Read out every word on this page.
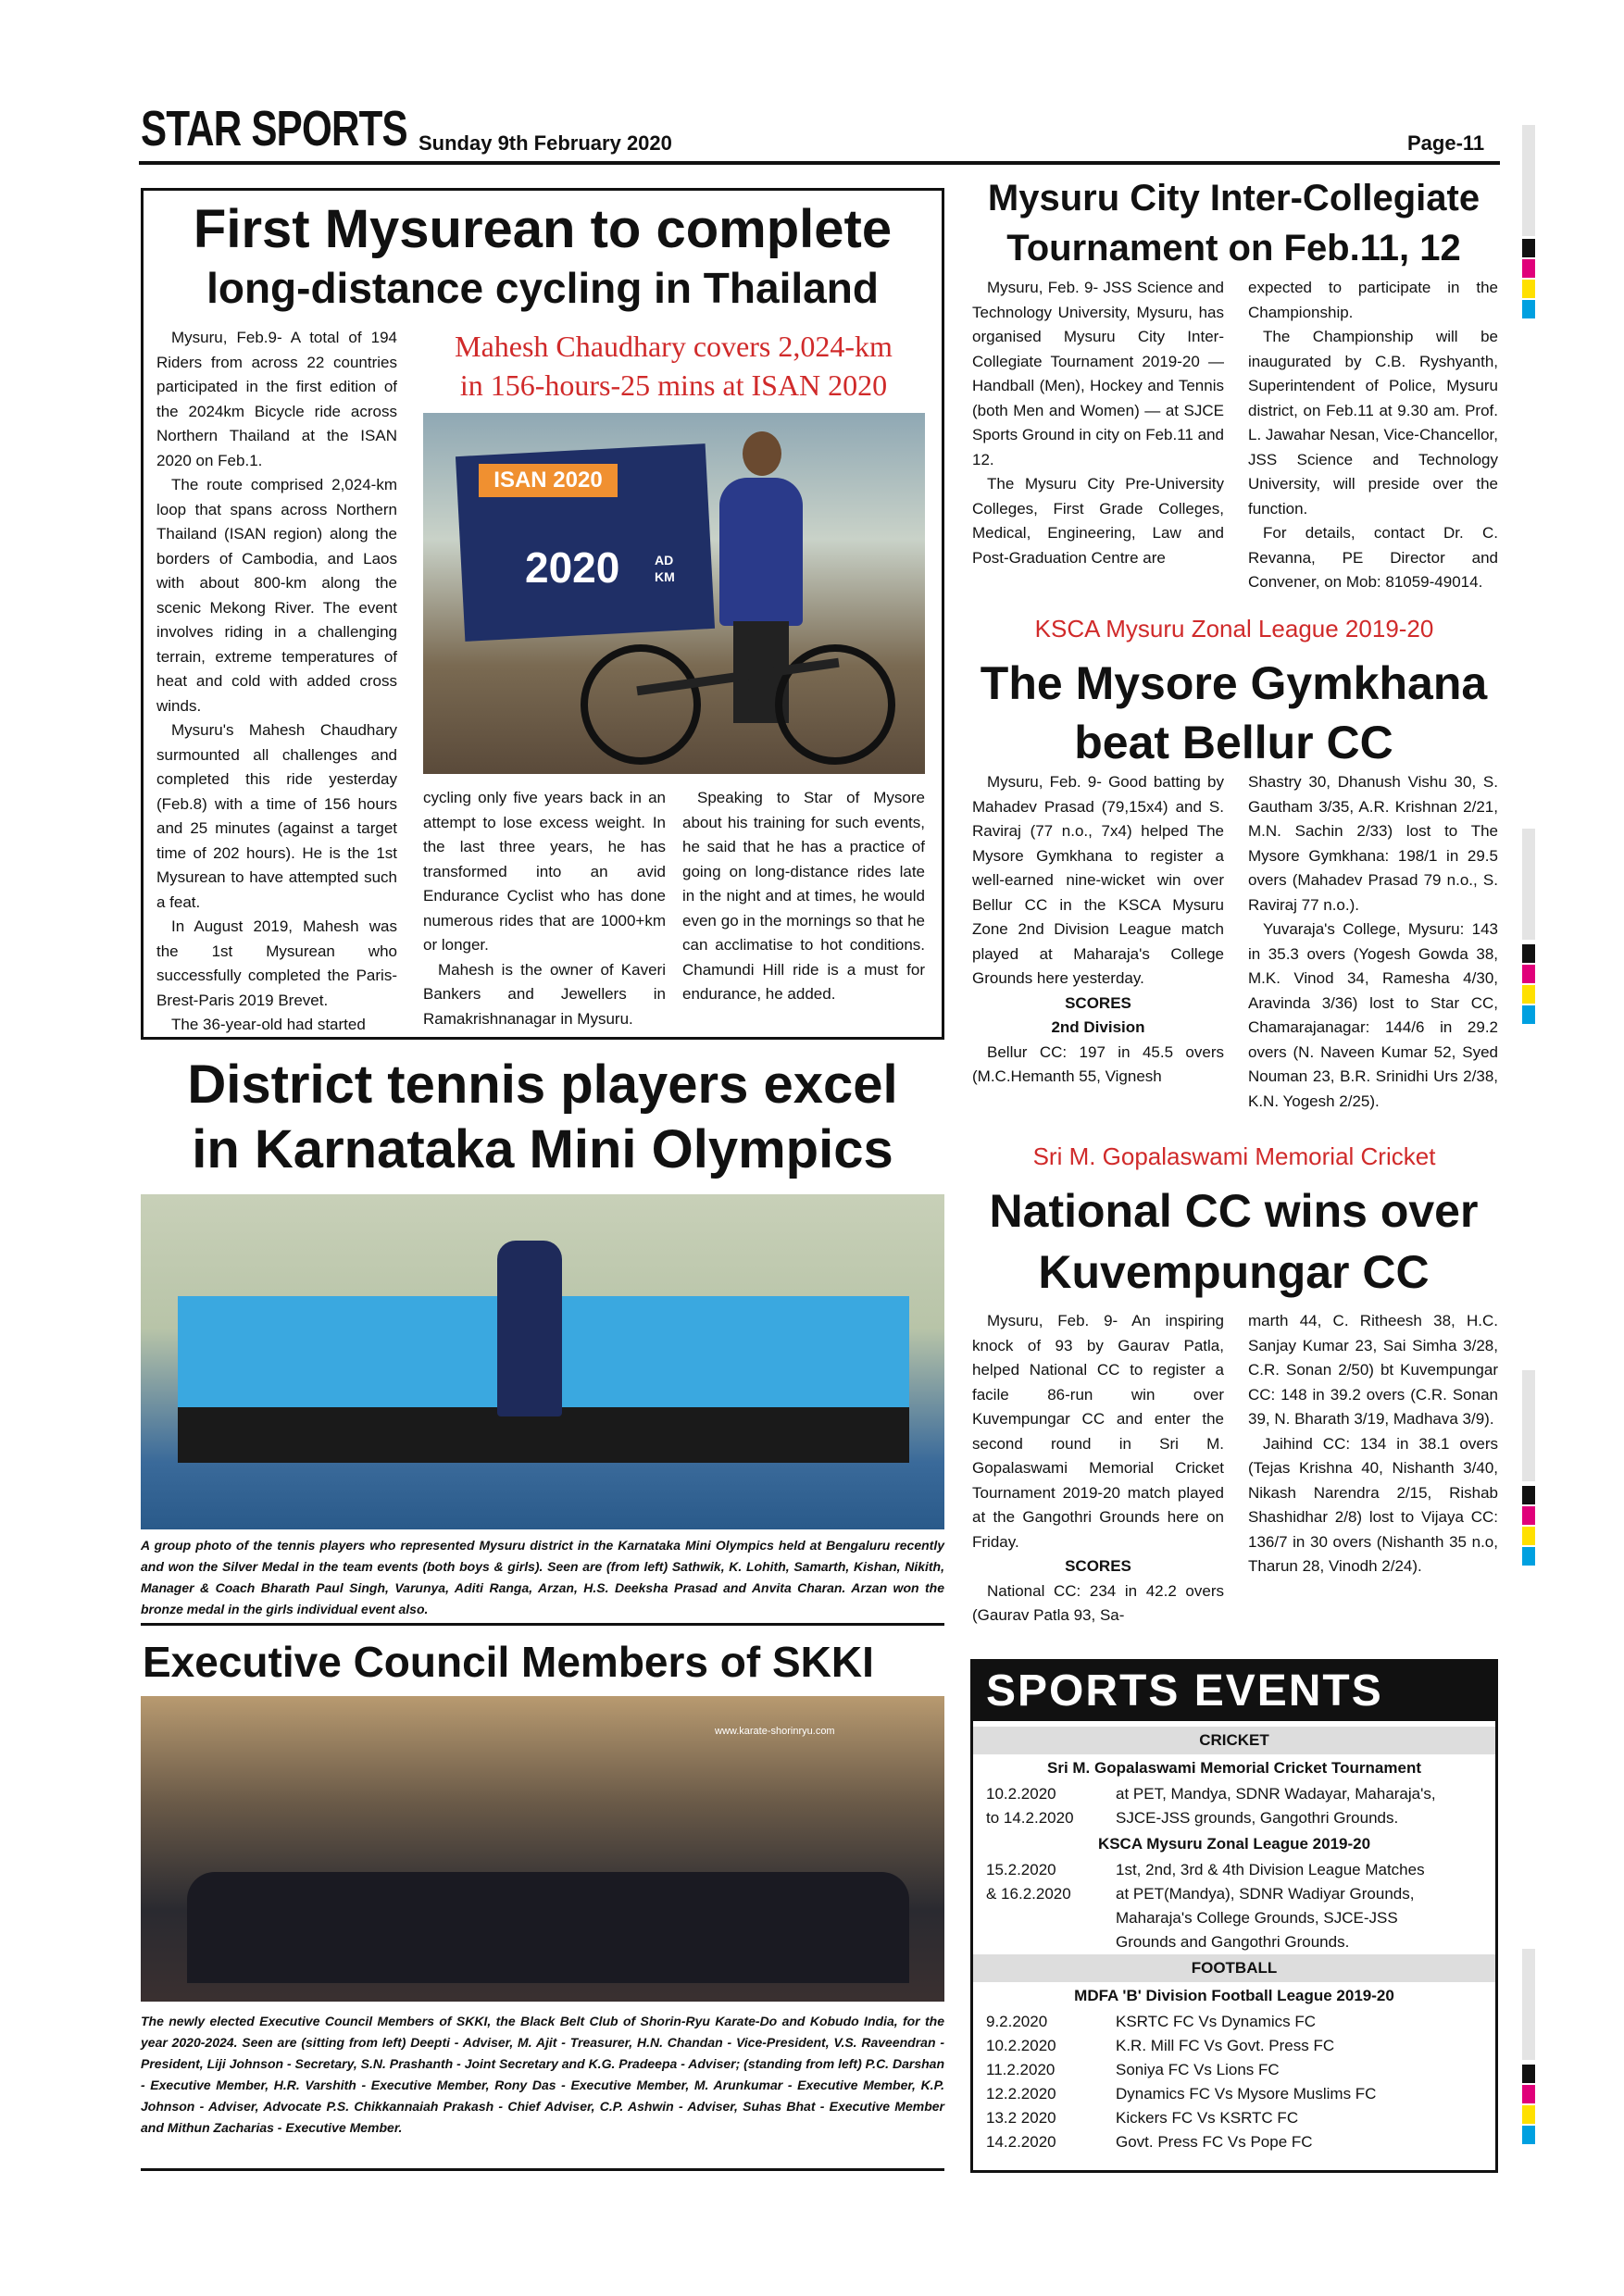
STAR SPORTS Sunday 9th February 2020	Page-11
First Mysurean to complete
long-distance cycling in Thailand

Mysuru, Feb.9- A total of 194 Riders from across 22 countries participated in the first edition of the 2024km Bicycle ride across Northern Thailand at the ISAN 2020 on Feb.1.

The route comprised 2,024-km loop that spans across Northern Thailand (ISAN region) along the borders of Cambodia, and Laos with about 800-km along the scenic Mekong River. The event involves riding in a challenging terrain, extreme temperatures of heat and cold with added cross winds.

Mysuru's Mahesh Chaudhary surmounted all challenges and completed this ride yesterday (Feb.8) with a time of 156 hours and 25 minutes (against a target time of 202 hours). He is the 1st Mysurean to have attempted such a feat.

In August 2019, Mahesh was the 1st Mysurean who successfully completed the Paris-Brest-Paris 2019 Brevet.

The 36-year-old had started

Mahesh Chaudhary covers 2,024-km
in 156-hours-25 mins at ISAN 2020
ISAN 2020
2020	AD KM

cycling only five years back in an attempt to lose excess weight. In the last three years, he has transformed into an avid Endurance Cyclist who has done numerous rides that are 1000+km or longer.

Mahesh is the owner of Kaveri Bankers and Jewellers in Ramakrishnanagar in Mysuru.

Speaking to Star of Mysore about his training for such events, he said that he has a practice of going on long-distance rides late in the night and at times, he would even go in the mornings so that he can acclimatise to hot conditions. Chamundi Hill ride is a must for endurance, he added.

District tennis players excel
in Karnataka Mini Olympics
A group photo of the tennis players who represented Mysuru district in the Karnataka Mini Olympics held at Bengaluru recently and won the Silver Medal in the team events (both boys & girls). Seen are (from left) Sathwik, K. Lohith, Samarth, Kishan, Nikith, Manager & Coach Bharath Paul Singh, Varunya, Aditi Ranga, Arzan, H.S. Deeksha Prasad and Anvita Charan. Arzan won the bronze medal in the girls individual event also.
Executive Council Members of SKKI
www.karate-shorinryu.com
The newly elected Executive Council Members of SKKI, the Black Belt Club of Shorin-Ryu Karate-Do and Kobudo India, for the year 2020-2024. Seen are (sitting from left) Deepti - Adviser, M. Ajit - Treasurer, H.N. Chandan - Vice-President, V.S. Raveendran - President, Liji Johnson - Secretary, S.N. Prashanth - Joint Secretary and K.G. Pradeepa - Adviser; (standing from left) P.C. Darshan - Executive Member, H.R. Varshith - Executive Member, Rony Das - Executive Member, M. Arunkumar - Executive Member, K.P. Johnson - Adviser, Advocate P.S. Chikkannaiah Prakash - Chief Adviser, C.P. Ashwin - Adviser, Suhas Bhat - Executive Member and Mithun Zacharias - Executive Member.
Mysuru City Inter-Collegiate
Tournament on Feb.11, 12

Mysuru, Feb. 9- JSS Science and Technology University, Mysuru, has organised Mysuru City Inter-Collegiate Tournament 2019-20 — Handball (Men), Hockey and Tennis (both Men and Women) — at SJCE Sports Ground in city on Feb.11 and 12.

The Mysuru City Pre-University Colleges, First Grade Colleges, Medical, Engineering, Law and Post-Graduation Centre are

expected to participate in the Championship.

The Championship will be inaugurated by C.B. Ryshyanth, Superintendent of Police, Mysuru district, on Feb.11 at 9.30 am. Prof. L. Jawahar Nesan, Vice-Chancellor, JSS Science and Technology University, will preside over the function.

For details, contact Dr. C. Revanna, PE Director and Convener, on Mob: 81059-49014.

KSCA Mysuru Zonal League 2019-20
The Mysore Gymkhana
beat Bellur CC

Mysuru, Feb. 9- Good batting by Mahadev Prasad (79,15x4) and S. Raviraj (77 n.o., 7x4) helped The Mysore Gymkhana to register a well-earned nine-wicket win over Bellur CC in the KSCA Mysuru Zone 2nd Division League match played at Maharaja's College Grounds here yesterday.

SCORES
2nd Division

Bellur CC: 197 in 45.5 overs (M.C.Hemanth 55, Vignesh

Shastry 30, Dhanush Vishu 30, S. Gautham 3/35, A.R. Krishnan 2/21, M.N. Sachin 2/33) lost to The Mysore Gymkhana: 198/1 in 29.5 overs (Mahadev Prasad 79 n.o., S. Raviraj 77 n.o.).

Yuvaraja's College, Mysuru: 143 in 35.3 overs (Yogesh Gowda 38, M.K. Vinod 34, Ramesha 4/30, Aravinda 3/36) lost to Star CC, Chamarajanagar: 144/6 in 29.2 overs (N. Naveen Kumar 52, Syed Nouman 23, B.R. Srinidhi Urs 2/38, K.N. Yogesh 2/25).

Sri M. Gopalaswami Memorial Cricket
National CC wins over
Kuvempungar CC

Mysuru, Feb. 9- An inspiring knock of 93 by Gaurav Patla, helped National CC to register a facile 86-run win over Kuvempungar CC and enter the second round in Sri M. Gopalaswami Memorial Cricket Tournament 2019-20 match played at the Gangothri Grounds here on Friday.

SCORES

National CC: 234 in 42.2 overs (Gaurav Patla 93, Sa-

marth 44, C. Ritheesh 38, H.C. Sanjay Kumar 23, Sai Simha 3/28, C.R. Sonan 2/50) bt Kuvempungar CC: 148 in 39.2 overs (C.R. Sonan 39, N. Bharath 3/19, Madhava 3/9).

Jaihind CC: 134 in 38.1 overs (Tejas Krishna 40, Nishanth 3/40, Nikash Narendra 2/15, Rishab Shashidhar 2/8) lost to Vijaya CC: 136/7 in 30 overs (Nishanth 35 n.o, Tharun 28, Vinodh 2/24).

SPORTS EVENTS
CRICKET
Sri M. Gopalaswami Memorial Cricket Tournament
10.2.2020	at PET, Mandya, SDNR Wadayar, Maharaja's,
to 14.2.2020	SJCE-JSS grounds, Gangothri Grounds.
KSCA Mysuru Zonal League 2019-20
15.2.2020	1st, 2nd, 3rd & 4th Division League Matches
& 16.2.2020	at PET(Mandya), SDNR Wadiyar Grounds,
Maharaja's College Grounds, SJCE-JSS
Grounds and Gangothri Grounds.
FOOTBALL
MDFA 'B' Division Football League 2019-20
9.2.2020	KSRTC FC Vs Dynamics FC
10.2.2020	K.R. Mill FC Vs Govt. Press FC
11.2.2020	Soniya FC Vs Lions FC
12.2.2020	Dynamics FC Vs Mysore Muslims FC
13.2 2020	Kickers FC Vs KSRTC FC
14.2.2020	Govt. Press FC Vs Pope FC
